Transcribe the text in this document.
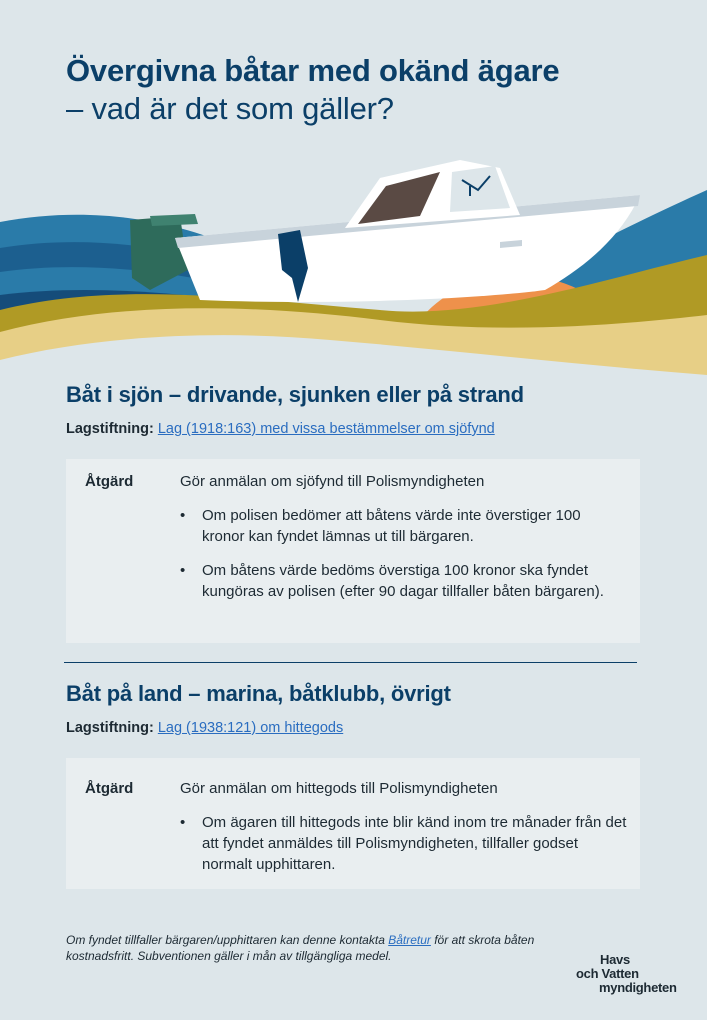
Övergivna båtar med okänd ägare
– vad är det som gäller?
Båt i sjön – drivande, sjunken eller på strand
Lagstiftning: Lag (1918:163) med vissa bestämmelser om sjöfynd
Åtgärd	Gör anmälan om sjöfynd till Polismyndigheten
• Om polisen bedömer att båtens värde inte överstiger 100 kronor kan fyndet lämnas ut till bärgaren.
• Om båtens värde bedöms överstiga 100 kronor ska fyndet kungöras av polisen (efter 90 dagar tillfaller båten bärgaren).
Båt på land – marina, båtklubb, övrigt
Lagstiftning: Lag (1938:121) om hittegods
Åtgärd	Gör anmälan om hittegods till Polismyndigheten
• Om ägaren till hittegods inte blir känd inom tre månader från det att fyndet anmäldes till Polismyndigheten, tillfaller godset normalt upphittaren.
Om fyndet tillfaller bärgaren/upphittaren kan denne kontakta Båtretur för att skrota båten kostnadsfritt. Subventionen gäller i mån av tillgängliga medel.	Havs
och Vatten
myndigheten
